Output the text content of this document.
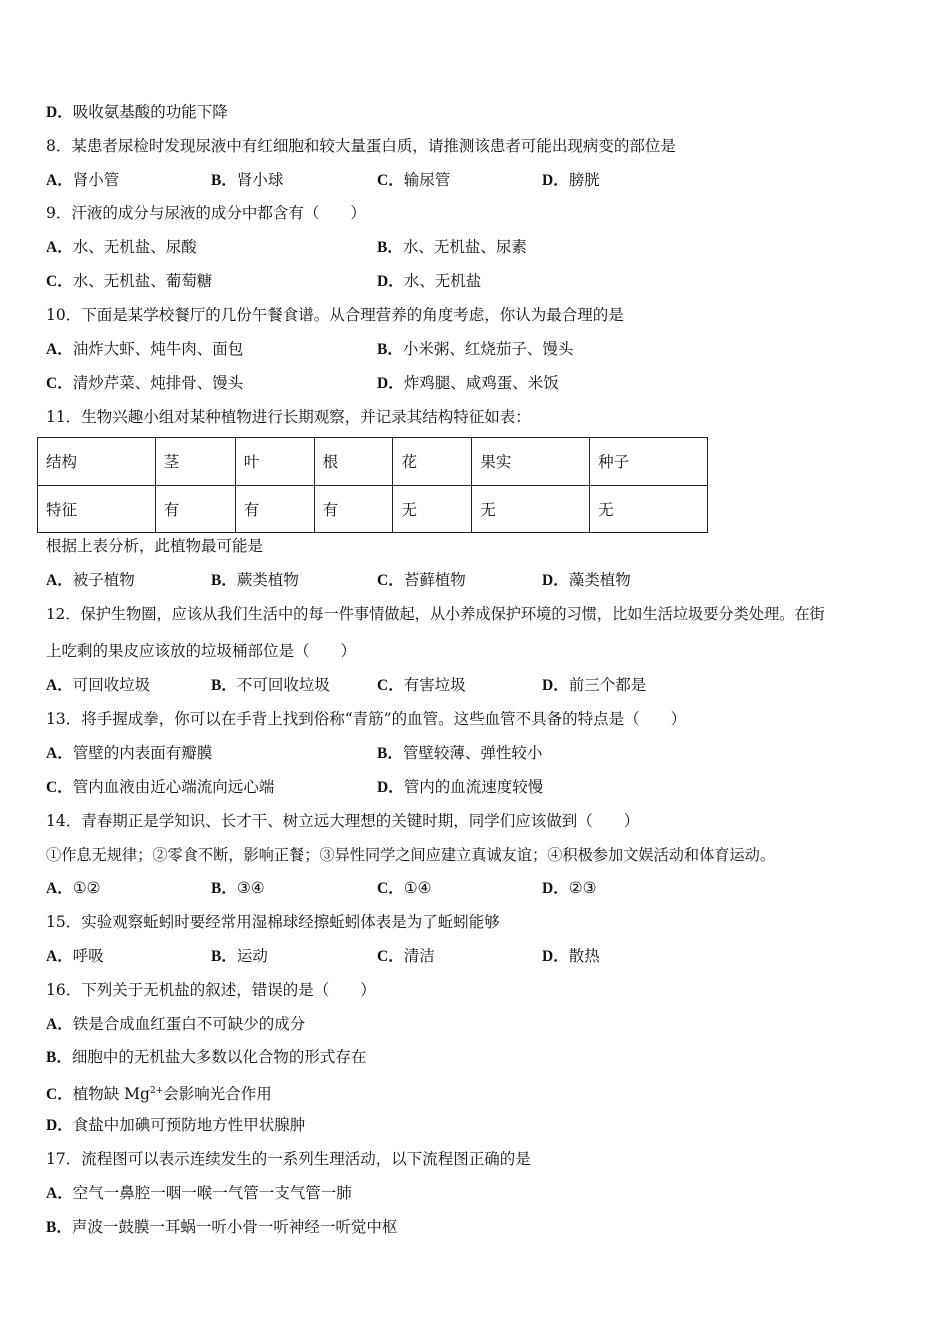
D．吸收氨基酸的功能下降
8．某患者尿检时发现尿液中有红细胞和较大量蛋白质，请推测该患者可能出现病变的部位是
A．肾小管	B．肾小球	C．输尿管	D．膀胱
9．汗液的成分与尿液的成分中都含有（　　）
A．水、无机盐、尿酸	B．水、无机盐、尿素
C．水、无机盐、葡萄糖	D．水、无机盐
10．下面是某学校餐厅的几份午餐食谱。从合理营养的角度考虑，你认为最合理的是
A．油炸大虾、炖牛肉、面包	B．小米粥、红烧茄子、馒头
C．清炒芹菜、炖排骨、馒头	D．炸鸡腿、咸鸡蛋、米饭
11．生物兴趣小组对某种植物进行长期观察，并记录其结构特征如表：
结构	茎	叶	根	花	果实	种子
特征	有	有	有	无	无	无
根据上表分析，此植物最可能是
A．被子植物	B．蕨类植物	C．苔藓植物	D．藻类植物
12．保护生物圈，应该从我们生活中的每一件事情做起，从小养成保护环境的习惯，比如生活垃圾要分类处理。在街
上吃剩的果皮应该放的垃圾桶部位是（　　）
A．可回收垃圾	B．不可回收垃圾	C．有害垃圾	D．前三个都是
13．将手握成拳，你可以在手背上找到俗称“青筋”的血管。这些血管不具备的特点是（　　）
A．管壁的内表面有瓣膜	B．管壁较薄、弹性较小
C．管内血液由近心端流向远心端	D．管内的血流速度较慢
14．青春期正是学知识、长才干、树立远大理想的关键时期，同学们应该做到（　　）
①作息无规律；②零食不断，影响正餐；③异性同学之间应建立真诚友谊；④积极参加文娱活动和体育运动。
A．①②	B．③④	C．①④	D．②③
15．实验观察蚯蚓时要经常用湿棉球经擦蚯蚓体表是为了蚯蚓能够
A．呼吸	B．运动	C．清洁	D．散热
16．下列关于无机盐的叙述，错误的是（　　）
A．铁是合成血红蛋白不可缺少的成分
B．细胞中的无机盐大多数以化合物的形式存在
C．植物缺 $Mg^{2+}$会影响光合作用
D．食盐中加碘可预防地方性甲状腺肿
17．流程图可以表示连续发生的一系列生理活动，以下流程图正确的是
A．空气一鼻腔一咽一喉一气管一支气管一肺
B．声波一鼓膜一耳蜗一听小骨一听神经一听觉中枢
